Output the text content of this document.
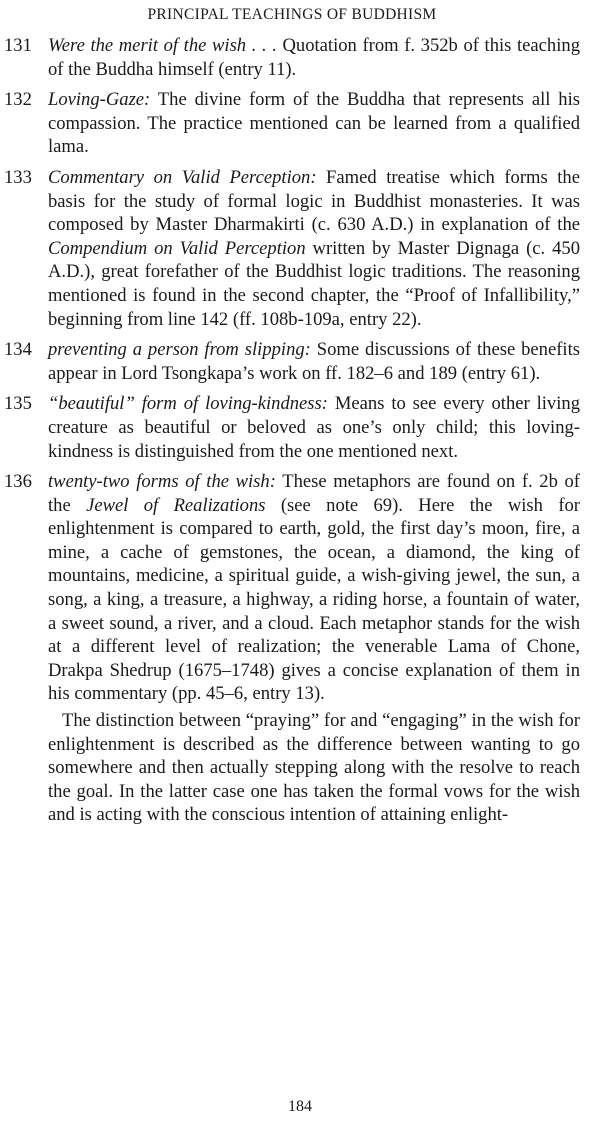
PRINCIPAL TEACHINGS OF BUDDHISM
131 Were the merit of the wish . . . Quotation from f. 352b of this teaching of the Buddha himself (entry 11).
132 Loving-Gaze: The divine form of the Buddha that represents all his compassion. The practice mentioned can be learned from a qualified lama.
133 Commentary on Valid Perception: Famed treatise which forms the basis for the study of formal logic in Buddhist monasteries. It was composed by Master Dharmakirti (c. 630 A.D.) in explanation of the Compendium on Valid Perception written by Master Dignaga (c. 450 A.D.), great forefather of the Buddhist logic traditions. The reasoning mentioned is found in the second chapter, the “Proof of Infallibility,” beginning from line 142 (ff. 108b-109a, entry 22).
134 preventing a person from slipping: Some discussions of these benefits appear in Lord Tsongkapa’s work on ff. 182–6 and 189 (entry 61).
135 “beautiful” form of loving-kindness: Means to see every other living creature as beautiful or beloved as one’s only child; this loving-kindness is distinguished from the one mentioned next.
136 twenty-two forms of the wish: These metaphors are found on f. 2b of the Jewel of Realizations (see note 69). Here the wish for enlightenment is compared to earth, gold, the first day’s moon, fire, a mine, a cache of gemstones, the ocean, a diamond, the king of mountains, medicine, a spiritual guide, a wish-giving jewel, the sun, a song, a king, a treasure, a highway, a riding horse, a fountain of water, a sweet sound, a river, and a cloud. Each metaphor stands for the wish at a different level of realization; the venerable Lama of Chone, Drakpa Shedrup (1675–1748) gives a concise explanation of them in his commentary (pp. 45–6, entry 13).
The distinction between “praying” for and “engaging” in the wish for enlightenment is described as the difference between wanting to go somewhere and then actually stepping along with the resolve to reach the goal. In the latter case one has taken the formal vows for the wish and is acting with the conscious intention of attaining enlight-
184
